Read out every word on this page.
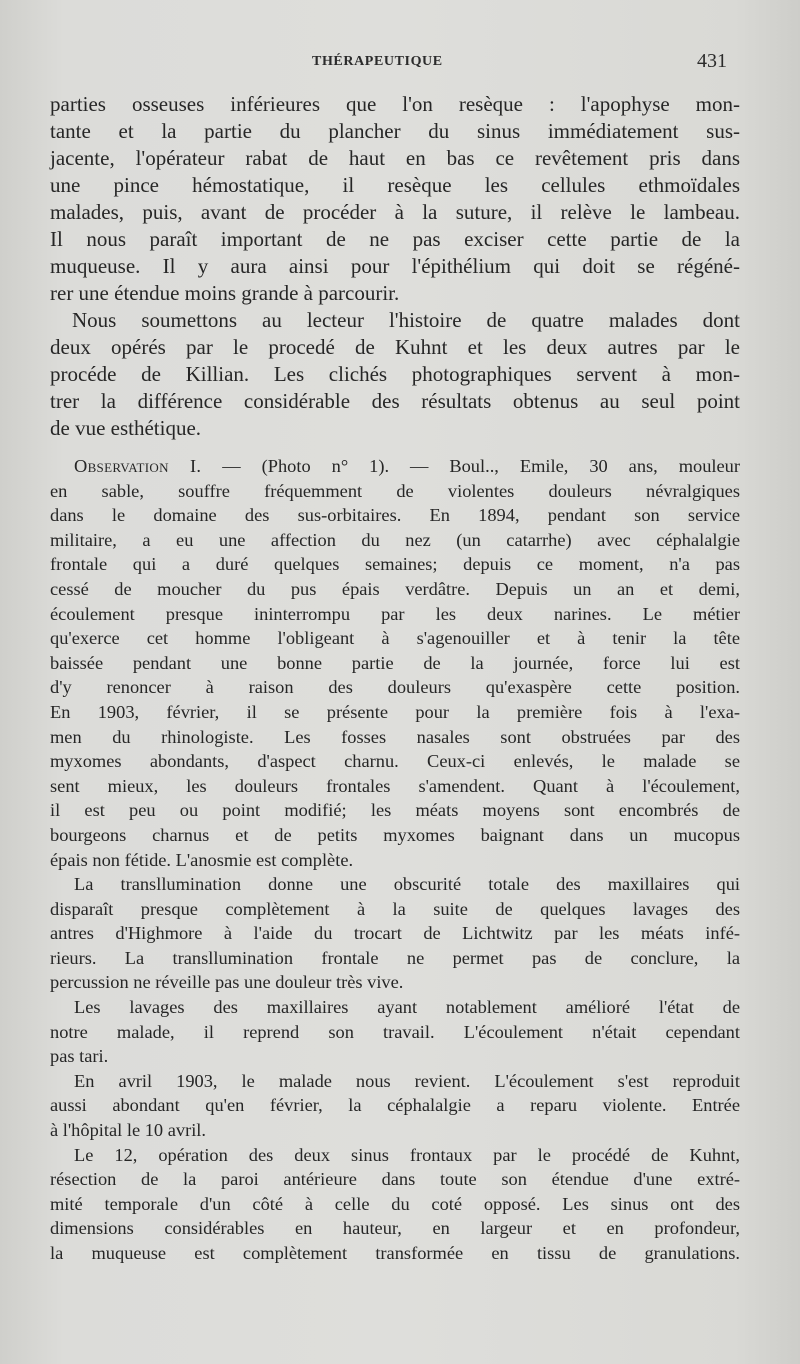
THÉRAPEUTIQUE	431
parties osseuses inférieures que l'on resèque : l'apophyse mon-
tante et la partie du plancher du sinus immédiatement sus-
jacente, l'opérateur rabat de haut en bas ce revêtement pris dans
une pince hémostatique, il resèque les cellules ethmoïdales
malades, puis, avant de procéder à la suture, il relève le lambeau.
Il nous paraît important de ne pas exciser cette partie de la
muqueuse. Il y aura ainsi pour l'épithélium qui doit se régéné-
rer une étendue moins grande à parcourir.
Nous soumettons au lecteur l'histoire de quatre malades dont
deux opérés par le procedé de Kuhnt et les deux autres par le
procéde de Killian. Les clichés photographiques servent à mon-
trer la différence considérable des résultats obtenus au seul point
de vue esthétique.
Observation I. — (Photo n° 1). — Boul.., Emile, 30 ans, mouleur
en sable, souffre fréquemment de violentes douleurs névralgiques
dans le domaine des sus-orbitaires. En 1894, pendant son service
militaire, a eu une affection du nez (un catarrhe) avec céphalalgie
frontale qui a duré quelques semaines; depuis ce moment, n'a pas
cessé de moucher du pus épais verdâtre. Depuis un an et demi,
écoulement presque ininterrompu par les deux narines. Le métier
qu'exerce cet homme l'obligeant à s'agenouiller et à tenir la tête
baissée pendant une bonne partie de la journée, force lui est
d'y renoncer à raison des douleurs qu'exaspère cette position.
En 1903, février, il se présente pour la première fois à l'exa-
men du rhinologiste. Les fosses nasales sont obstruées par des
myxomes abondants, d'aspect charnu. Ceux-ci enlevés, le malade se
sent mieux, les douleurs frontales s'amendent. Quant à l'écoulement,
il est peu ou point modifié; les méats moyens sont encombrés de
bourgeons charnus et de petits myxomes baignant dans un mucopus
épais non fétide. L'anosmie est complète.
La transllumination donne une obscurité totale des maxillaires qui
disparaît presque complètement à la suite de quelques lavages des
antres d'Highmore à l'aide du trocart de Lichtwitz par les méats infé-
rieurs. La transllumination frontale ne permet pas de conclure, la
percussion ne réveille pas une douleur très vive.
Les lavages des maxillaires ayant notablement amélioré l'état de
notre malade, il reprend son travail. L'écoulement n'était cependant
pas tari.
En avril 1903, le malade nous revient. L'écoulement s'est reproduit
aussi abondant qu'en février, la céphalalgie a reparu violente. Entrée
à l'hôpital le 10 avril.
Le 12, opération des deux sinus frontaux par le procédé de Kuhnt,
résection de la paroi antérieure dans toute son étendue d'une extré-
mité temporale d'un côté à celle du coté opposé. Les sinus ont des
dimensions considérables en hauteur, en largeur et en profondeur,
la muqueuse est complètement transformée en tissu de granulations.
